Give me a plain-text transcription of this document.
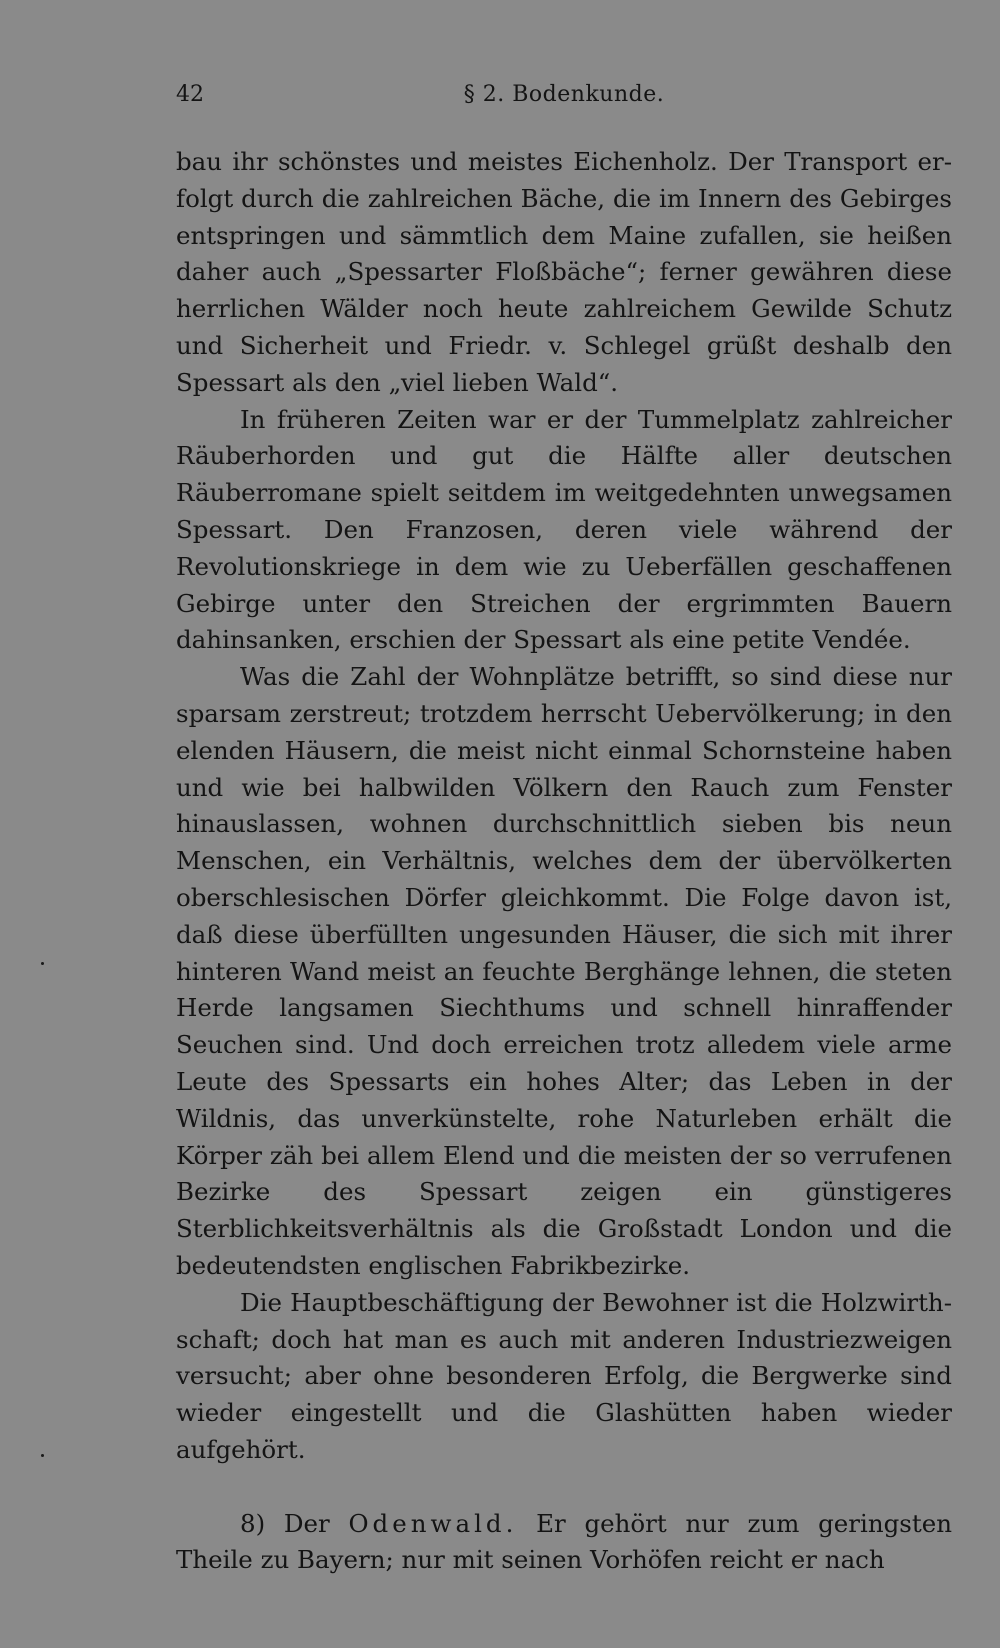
42	§ 2. Bodenkunde.

bau ihr schönstes und meistes Eichenholz. Der Transport erfolgt durch die zahlreichen Bäche, die im Innern des Gebirges entspringen und sämmtlich dem Maine zufallen, sie heißen daher auch „Spessarter Floßbäche“; ferner gewähren diese herrlichen Wälder noch heute zahlreichem Gewilde Schutz und Sicherheit und Friedr. v. Schlegel grüßt deshalb den Spessart als den „viel lieben Wald“.

In früheren Zeiten war er der Tummelplatz zahlreicher Räuberhorden und gut die Hälfte aller deutschen Räuberromane spielt seitdem im weitgedehnten unwegsamen Spessart. Den Franzosen, deren viele während der Revolutionskriege in dem wie zu Ueberfällen geschaffenen Gebirge unter den Streichen der ergrimmten Bauern dahinsanken, erschien der Spessart als eine petite Vendée.

Was die Zahl der Wohnplätze betrifft, so sind diese nur sparsam zerstreut; trotzdem herrscht Uebervölkerung; in den elenden Häusern, die meist nicht einmal Schornsteine haben und wie bei halbwilden Völkern den Rauch zum Fenster hinauslassen, wohnen durchschnittlich sieben bis neun Menschen, ein Verhältnis, welches dem der übervölkerten oberschlesischen Dörfer gleichkommt. Die Folge davon ist, daß diese überfüllten ungesunden Häuser, die sich mit ihrer hinteren Wand meist an feuchte Berghänge lehnen, die steten Herde langsamen Siechthums und schnell hinraffender Seuchen sind. Und doch erreichen trotz alledem viele arme Leute des Spessarts ein hohes Alter; das Leben in der Wildnis, das unverkünstelte, rohe Naturleben erhält die Körper zäh bei allem Elend und die meisten der so verrufenen Bezirke des Spessart zeigen ein günstigeres Sterblichkeitsverhältnis als die Großstadt London und die bedeutendsten englischen Fabrikbezirke.

Die Hauptbeschäftigung der Bewohner ist die Holzwirthschaft; doch hat man es auch mit anderen Industriezweigen versucht; aber ohne besonderen Erfolg, die Bergwerke sind wieder eingestellt und die Glashütten haben wieder aufgehört.

8) Der Odenwald. Er gehört nur zum geringsten Theile zu Bayern; nur mit seinen Vorhöfen reicht er nach
